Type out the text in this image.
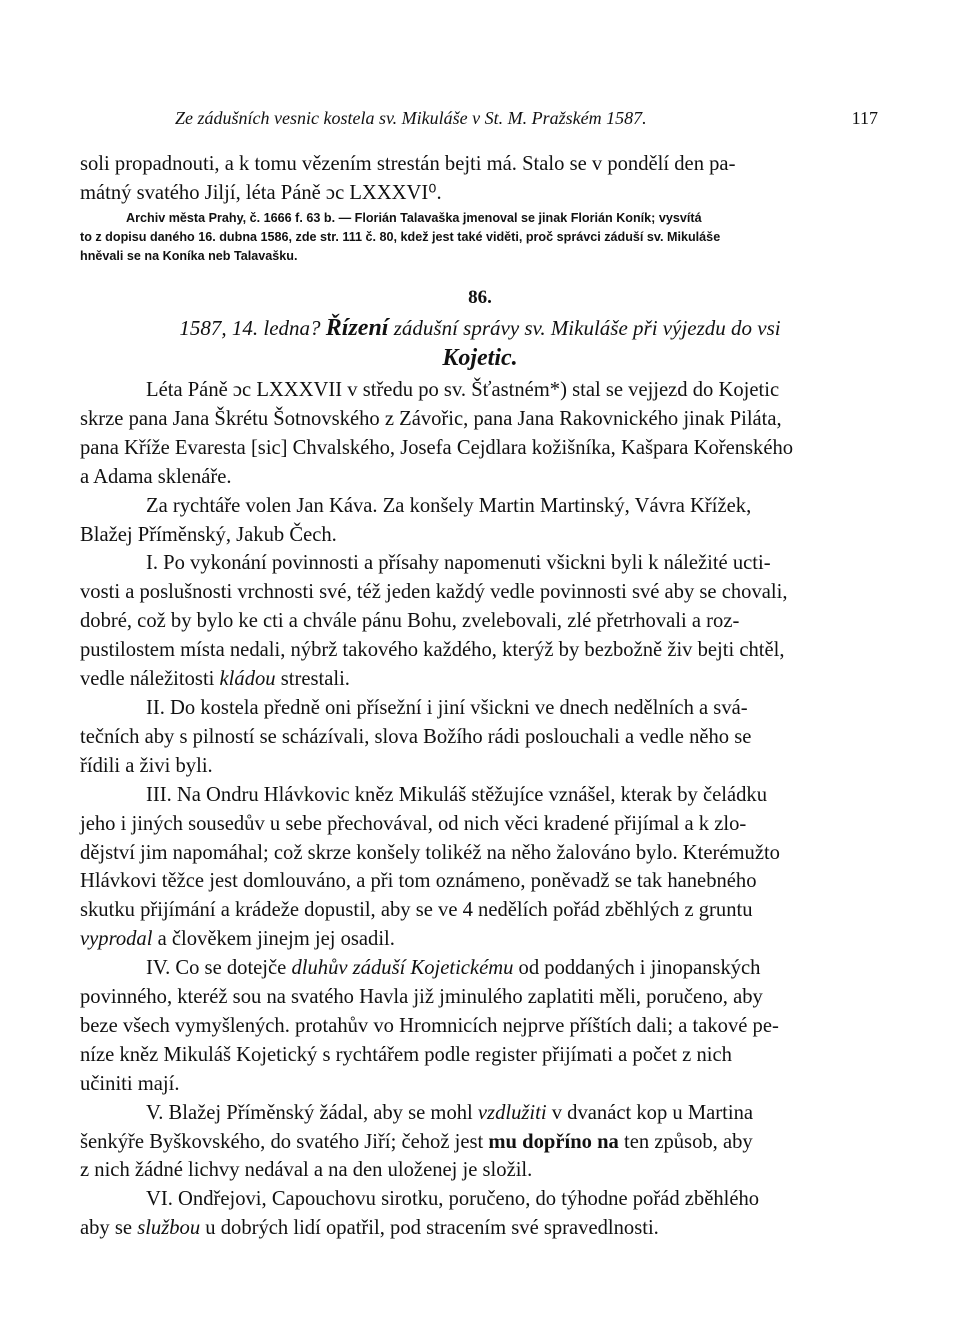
Ze zádušních vesnic kostela sv. Mikuláše v St. M. Pražském 1587.	117
soli propadnouti, a k tomu vězením strestán bejti má. Stalo se v pondělí den pa-
mátný svatého Jiljí, léta Páně ɔc LXXXVI⁰.
Archiv města Prahy, č. 1666 f. 63 b. — Florián Talavaška jmenoval se jinak Florián Koník; vysvítá
to z dopisu daného 16. dubna 1586, zde str. 111 č. 80, kdež jest také viděti, proč správci záduší sv. Mikuláše
hněvali se na Koníka neb Talavašku.
86.
1587, 14. ledna? Řízení zádušní správy sv. Mikuláše při výjezdu do vsi
Kojetic.
Léta Páně ɔc LXXXVII v středu po sv. Šťastném*) stal se vejjezd do Kojetic
skrze pana Jana Škrétu Šotnovského z Závořic, pana Jana Rakovnického jinak Piláta,
pana Kříže Evaresta [sic] Chvalského, Josefa Cejdlara kožišníka, Kašpara Kořenského
a Adama sklenáře.
Za rychtáře volen Jan Káva. Za konšely Martin Martinský, Vávra Křížek,
Blažej Příměnský, Jakub Čech.
I. Po vykonání povinnosti a přísahy napomenuti všickni byli k náležité ucti-
vosti a poslušnosti vrchnosti své, též jeden každý vedle povinnosti své aby se chovali,
dobré, což by bylo ke cti a chvále pánu Bohu, zvelebovali, zlé přetrhovali a roz-
pustilostem místa nedali, nýbrž takového každého, kterýž by bezbožně živ bejti chtěl,
vedle náležitosti kládou strestali.
II. Do kostela předně oni přísežní i jiní všickni ve dnech nedělních a svá-
tečních aby s pilností se scházívali, slova Božího rádi poslouchali a vedle něho se
řídili a živi byli.
III. Na Ondru Hlávkovic kněz Mikuláš stěžujíce vznášel, kterak by čeládku
jeho i jiných sousedův u sebe přechovával, od nich věci kradené přijímal a k zlo-
dějství jim napomáhal; což skrze konšely tolikéž na něho žalováno bylo. Kterémužto
Hlávkovi těžce jest domlouváno, a při tom oznámeno, poněvadž se tak hanebného
skutku přijímání a krádeže dopustil, aby se ve 4 nedělích pořád zběhlých z gruntu
vyprodal a člověkem jinejm jej osadil.
IV. Co se dotejče dluhův záduší Kojetickému od poddaných i jinopanských
povinného, kteréž sou na svatého Havla již jminulého zaplatiti měli, poručeno, aby
beze všech vymyšlených. protahův vo Hromnicích nejprve příštích dali; a takové pe-
níze kněz Mikuláš Kojetický s rychtářem podle register přijímati a počet z nich
učiniti mají.
V. Blažej Příměnský žádal, aby se mohl vzdlužiti v dvanáct kop u Martina
šenkýře Byškovského, do svatého Jiří; čehož jest mu dopříno na ten způsob, aby
z nich žádné lichvy nedával a na den uloženej je složil.
VI. Ondřejovi, Capouchovu sirotku, poručeno, do týhodne pořád zběhlého
aby se službou u dobrých lidí opatřil, pod stracením své spravedlnosti.
